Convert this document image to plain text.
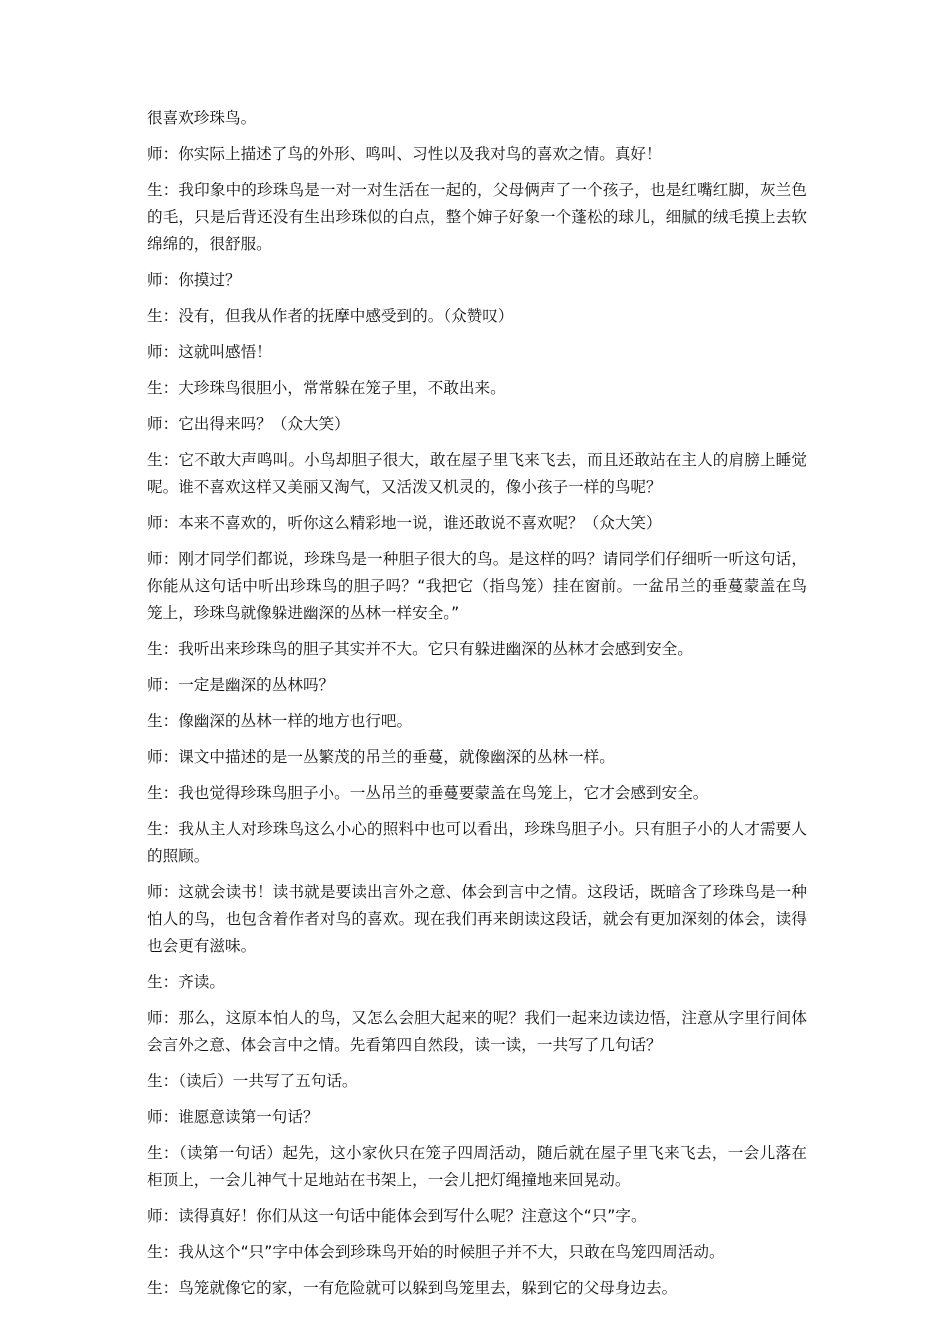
很喜欢珍珠鸟。

师：你实际上描述了鸟的外形、鸣叫、习性以及我对鸟的喜欢之情。真好！

生：我印象中的珍珠鸟是一对一对生活在一起的，父母俩声了一个孩子，也是红嘴红脚，灰兰色的毛，只是后背还没有生出珍珠似的白点，整个婶子好象一个蓬松的球儿，细腻的绒毛摸上去软绵绵的，很舒服。

师：你摸过？

生：没有，但我从作者的抚摩中感受到的。（众赞叹）

师：这就叫感悟！

生：大珍珠鸟很胆小，常常躲在笼子里，不敢出来。

师：它出得来吗？（众大笑）

生：它不敢大声鸣叫。小鸟却胆子很大，敢在屋子里飞来飞去，而且还敢站在主人的肩膀上睡觉呢。谁不喜欢这样又美丽又淘气，又活泼又机灵的，像小孩子一样的鸟呢？

师：本来不喜欢的，听你这么精彩地一说，谁还敢说不喜欢呢？（众大笑）

师：刚才同学们都说，珍珠鸟是一种胆子很大的鸟。是这样的吗？请同学们仔细听一听这句话，你能从这句话中听出珍珠鸟的胆子吗？“我把它（指鸟笼）挂在窗前。一盆吊兰的垂蔓蒙盖在鸟笼上，珍珠鸟就像躲进幽深的丛林一样安全。”

生：我听出来珍珠鸟的胆子其实并不大。它只有躲进幽深的丛林才会感到安全。

师：一定是幽深的丛林吗？

生：像幽深的丛林一样的地方也行吧。

师：课文中描述的是一丛繁茂的吊兰的垂蔓，就像幽深的丛林一样。

生：我也觉得珍珠鸟胆子小。一丛吊兰的垂蔓要蒙盖在鸟笼上，它才会感到安全。

生：我从主人对珍珠鸟这么小心的照料中也可以看出，珍珠鸟胆子小。只有胆子小的人才需要人的照顾。

师：这就会读书！读书就是要读出言外之意、体会到言中之情。这段话，既暗含了珍珠鸟是一种怕人的鸟，也包含着作者对鸟的喜欢。现在我们再来朗读这段话，就会有更加深刻的体会，读得也会更有滋味。

生：齐读。

师：那么，这原本怕人的鸟，又怎么会胆大起来的呢？我们一起来边读边悟，注意从字里行间体会言外之意、体会言中之情。先看第四自然段，读一读，一共写了几句话？

生：（读后）一共写了五句话。

师：谁愿意读第一句话？

生：（读第一句话）起先，这小家伙只在笼子四周活动，随后就在屋子里飞来飞去，一会儿落在柜顶上，一会儿神气十足地站在书架上，一会儿把灯绳撞地来回晃动。

师：读得真好！你们从这一句话中能体会到写什么呢？注意这个“只”字。

生：我从这个“只”字中体会到珍珠鸟开始的时候胆子并不大，只敢在鸟笼四周活动。

生：鸟笼就像它的家，一有危险就可以躲到鸟笼里去，躲到它的父母身边去。
